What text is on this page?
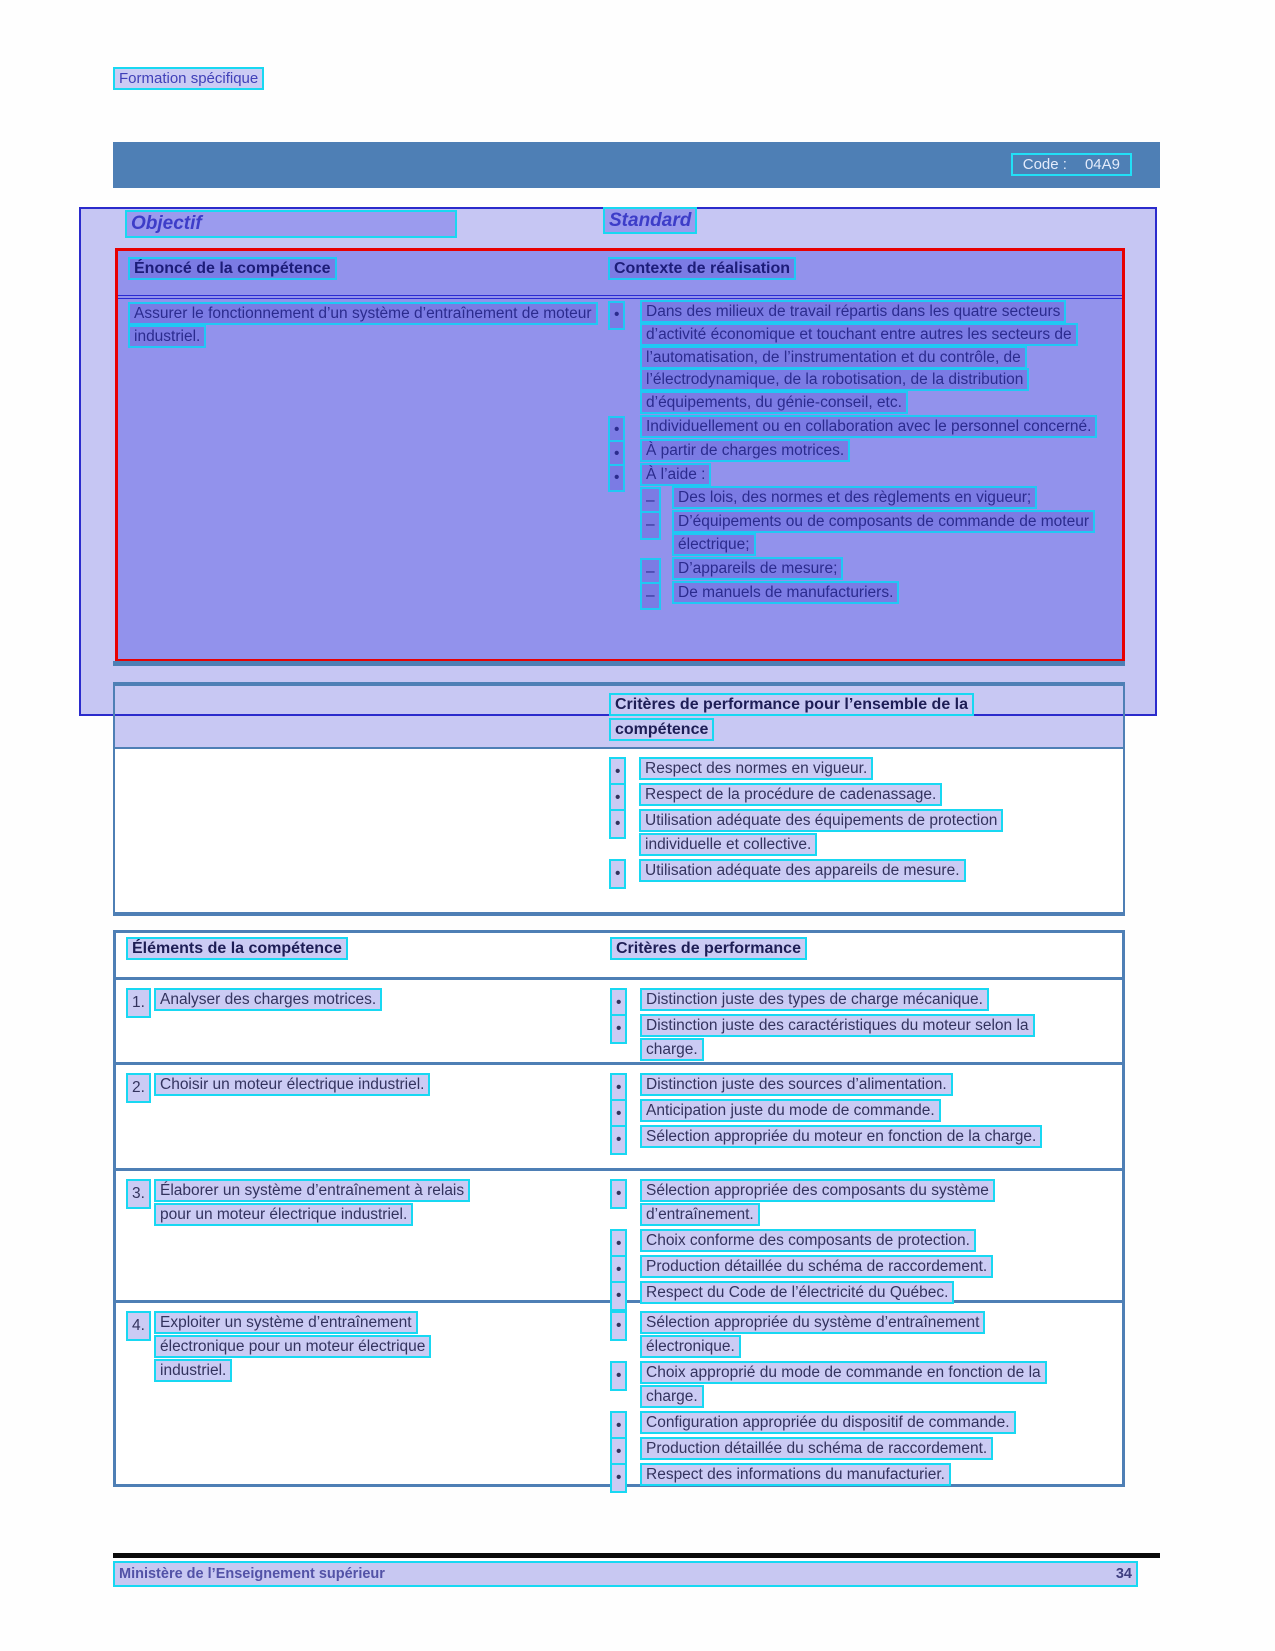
Formation spécifique
Code : 04A9
Objectif	Standard
Énoncé de la compétence	Contexte de réalisation
Assurer le fonctionnement d’un système d’entraînement de moteur industriel.
•	Dans des milieux de travail répartis dans les quatre secteurs d’activité économique et touchant entre autres les secteurs de l’automatisation, de l’instrumentation et du contrôle, de l’électrodynamique, de la robotisation, de la distribution d’équipements, du génie-conseil, etc.
•	Individuellement ou en collaboration avec le personnel concerné.
•	À partir de charges motrices.
•	À l’aide :
–	Des lois, des normes et des règlements en vigueur;
–	D’équipements ou de composants de commande de moteur électrique;
–	D’appareils de mesure;
–	De manuels de manufacturiers.
Critères de performance pour l’ensemble de la compétence
•	Respect des normes en vigueur.
•	Respect de la procédure de cadenassage.
•	Utilisation adéquate des équipements de protection individuelle et collective.
•	Utilisation adéquate des appareils de mesure.
Éléments de la compétence	Critères de performance
1. Analyser des charges motrices.	•	Distinction juste des types de charge mécanique.
•	Distinction juste des caractéristiques du moteur selon la charge.
2. Choisir un moteur électrique industriel.	•	Distinction juste des sources d’alimentation.
•	Anticipation juste du mode de commande.
•	Sélection appropriée du moteur en fonction de la charge.
3. Élaborer un système d’entraînement à relais pour un moteur électrique industriel.
•	Sélection appropriée des composants du système d’entraînement.
•	Choix conforme des composants de protection.
•	Production détaillée du schéma de raccordement.
•	Respect du Code de l’électricité du Québec.
4. Exploiter un système d’entraînement électronique pour un moteur électrique industriel.
•	Sélection appropriée du système d’entraînement électronique.
•	Choix approprié du mode de commande en fonction de la charge.
•	Configuration appropriée du dispositif de commande.
•	Production détaillée du schéma de raccordement.
•	Respect des informations du manufacturier.
Ministère de l’Enseignement supérieur	34
